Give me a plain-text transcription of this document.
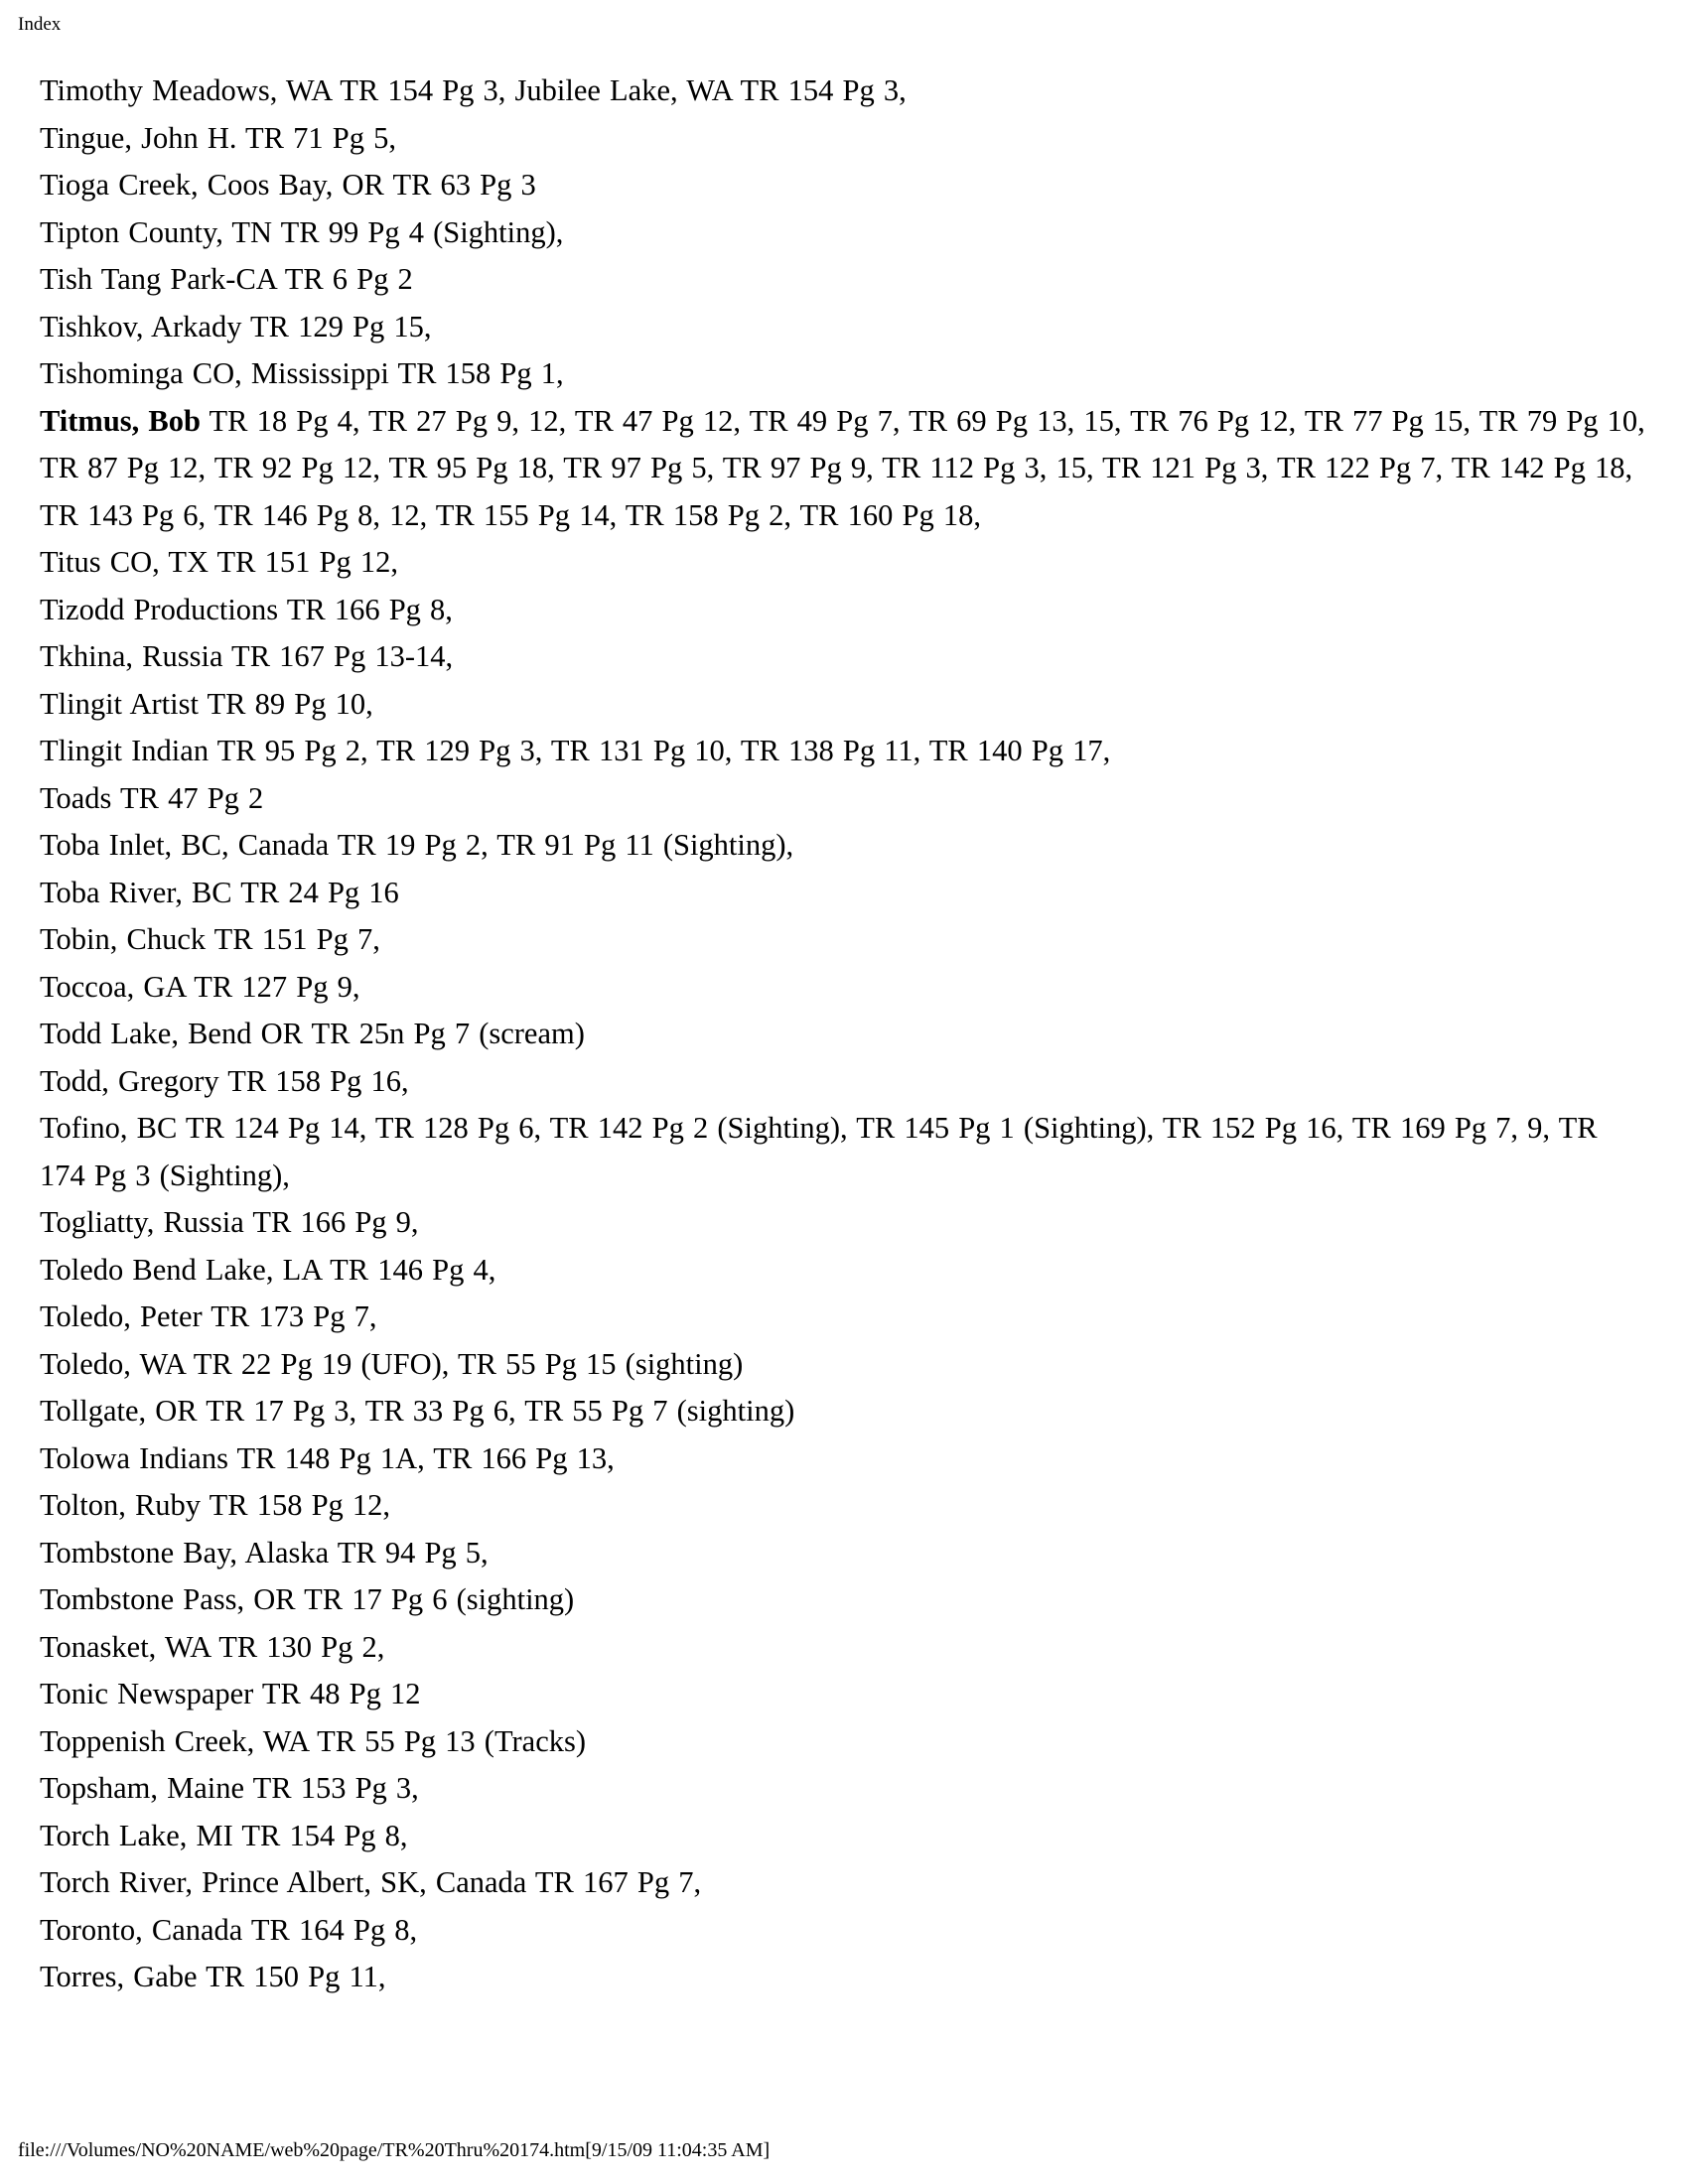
Index
Timothy Meadows, WA TR 154 Pg 3, Jubilee Lake, WA TR 154 Pg 3,
Tingue, John H. TR 71 Pg 5,
Tioga Creek, Coos Bay, OR TR 63 Pg 3
Tipton County, TN TR 99 Pg 4 (Sighting),
Tish Tang Park-CA TR 6 Pg 2
Tishkov, Arkady TR 129 Pg 15,
Tishominga CO, Mississippi TR 158 Pg 1,
Titmus, Bob TR 18 Pg 4, TR 27 Pg 9, 12, TR 47 Pg 12, TR 49 Pg 7, TR 69 Pg 13, 15, TR 76 Pg 12, TR 77 Pg 15, TR 79 Pg 10, TR 87 Pg 12, TR 92 Pg 12, TR 95 Pg 18, TR 97 Pg 5, TR 97 Pg 9, TR 112 Pg 3, 15, TR 121 Pg 3, TR 122 Pg 7, TR 142 Pg 18, TR 143 Pg 6, TR 146 Pg 8, 12, TR 155 Pg 14, TR 158 Pg 2, TR 160 Pg 18,
Titus CO, TX TR 151 Pg 12,
Tizodd Productions TR 166 Pg 8,
Tkhina, Russia TR 167 Pg 13-14,
Tlingit Artist TR 89 Pg 10,
Tlingit Indian TR 95 Pg 2, TR 129 Pg 3, TR 131 Pg 10, TR 138 Pg 11, TR 140 Pg 17,
Toads TR 47 Pg 2
Toba Inlet, BC, Canada TR 19 Pg 2, TR 91 Pg 11 (Sighting),
Toba River, BC TR 24 Pg 16
Tobin, Chuck TR 151 Pg 7,
Toccoa, GA TR 127 Pg 9,
Todd Lake, Bend OR TR 25n Pg 7 (scream)
Todd, Gregory TR 158 Pg 16,
Tofino, BC TR 124 Pg 14, TR 128 Pg 6, TR 142 Pg 2 (Sighting), TR 145 Pg 1 (Sighting), TR 152 Pg 16, TR 169 Pg 7, 9, TR 174 Pg 3 (Sighting),
Togliatty, Russia TR 166 Pg 9,
Toledo Bend Lake, LA TR 146 Pg 4,
Toledo, Peter TR 173 Pg 7,
Toledo, WA TR 22 Pg 19 (UFO), TR 55 Pg 15 (sighting)
Tollgate, OR TR 17 Pg 3, TR 33 Pg 6, TR 55 Pg 7 (sighting)
Tolowa Indians TR 148 Pg 1A, TR 166 Pg 13,
Tolton, Ruby TR 158 Pg 12,
Tombstone Bay, Alaska TR 94 Pg 5,
Tombstone Pass, OR TR 17 Pg 6 (sighting)
Tonasket, WA TR 130 Pg 2,
Tonic Newspaper TR 48 Pg 12
Toppenish Creek, WA TR 55 Pg 13 (Tracks)
Topsham, Maine TR 153 Pg 3,
Torch Lake, MI TR 154 Pg 8,
Torch River, Prince Albert, SK, Canada TR 167 Pg 7,
Toronto, Canada TR 164 Pg 8,
Torres, Gabe TR 150 Pg 11,
file:///Volumes/NO%20NAME/web%20page/TR%20Thru%20174.htm[9/15/09 11:04:35 AM]
